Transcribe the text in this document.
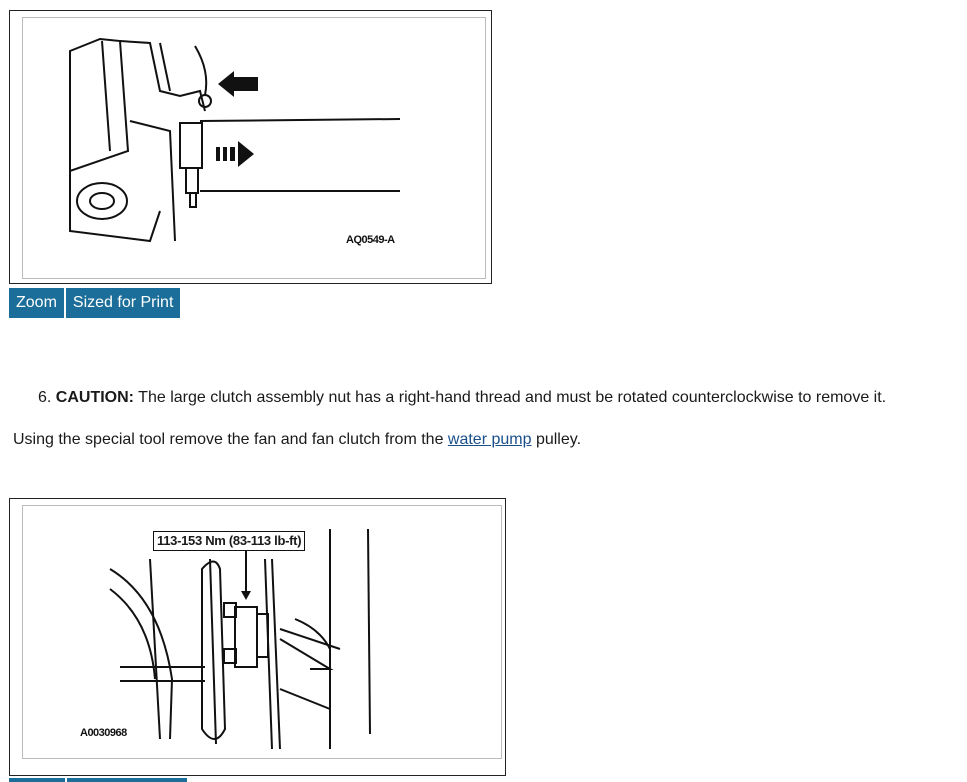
AQ0549-A
Zoom	Sized for Print
6. CAUTION: The large clutch assembly nut has a right-hand thread and must be rotated counterclockwise to remove it.
Using the special tool remove the fan and fan clutch from the water pump pulley.
113-153 Nm (83-113 lb-ft)
A0030968
